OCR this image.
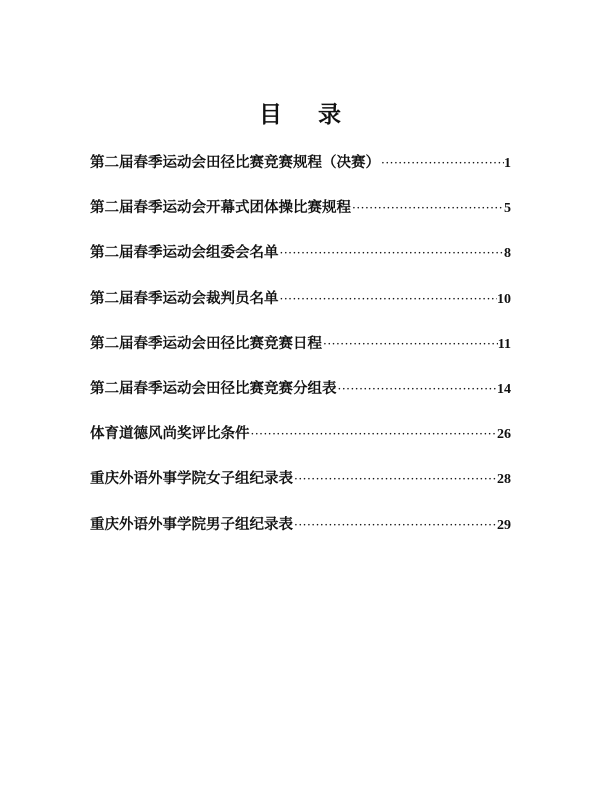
目 录
第二届春季运动会田径比赛竞赛规程（决赛） ·····	1
第二届春季运动会开幕式团体操比赛规程 ·····	5
第二届春季运动会组委会名单 ·····	8
第二届春季运动会裁判员名单 ·····	10
第二届春季运动会田径比赛竞赛日程 ·····	11
第二届春季运动会田径比赛竞赛分组表 ·····	14
体育道德风尚奖评比条件 ·····	26
重庆外语外事学院女子组纪录表 ·····	28
重庆外语外事学院男子组纪录表 ·····	29
